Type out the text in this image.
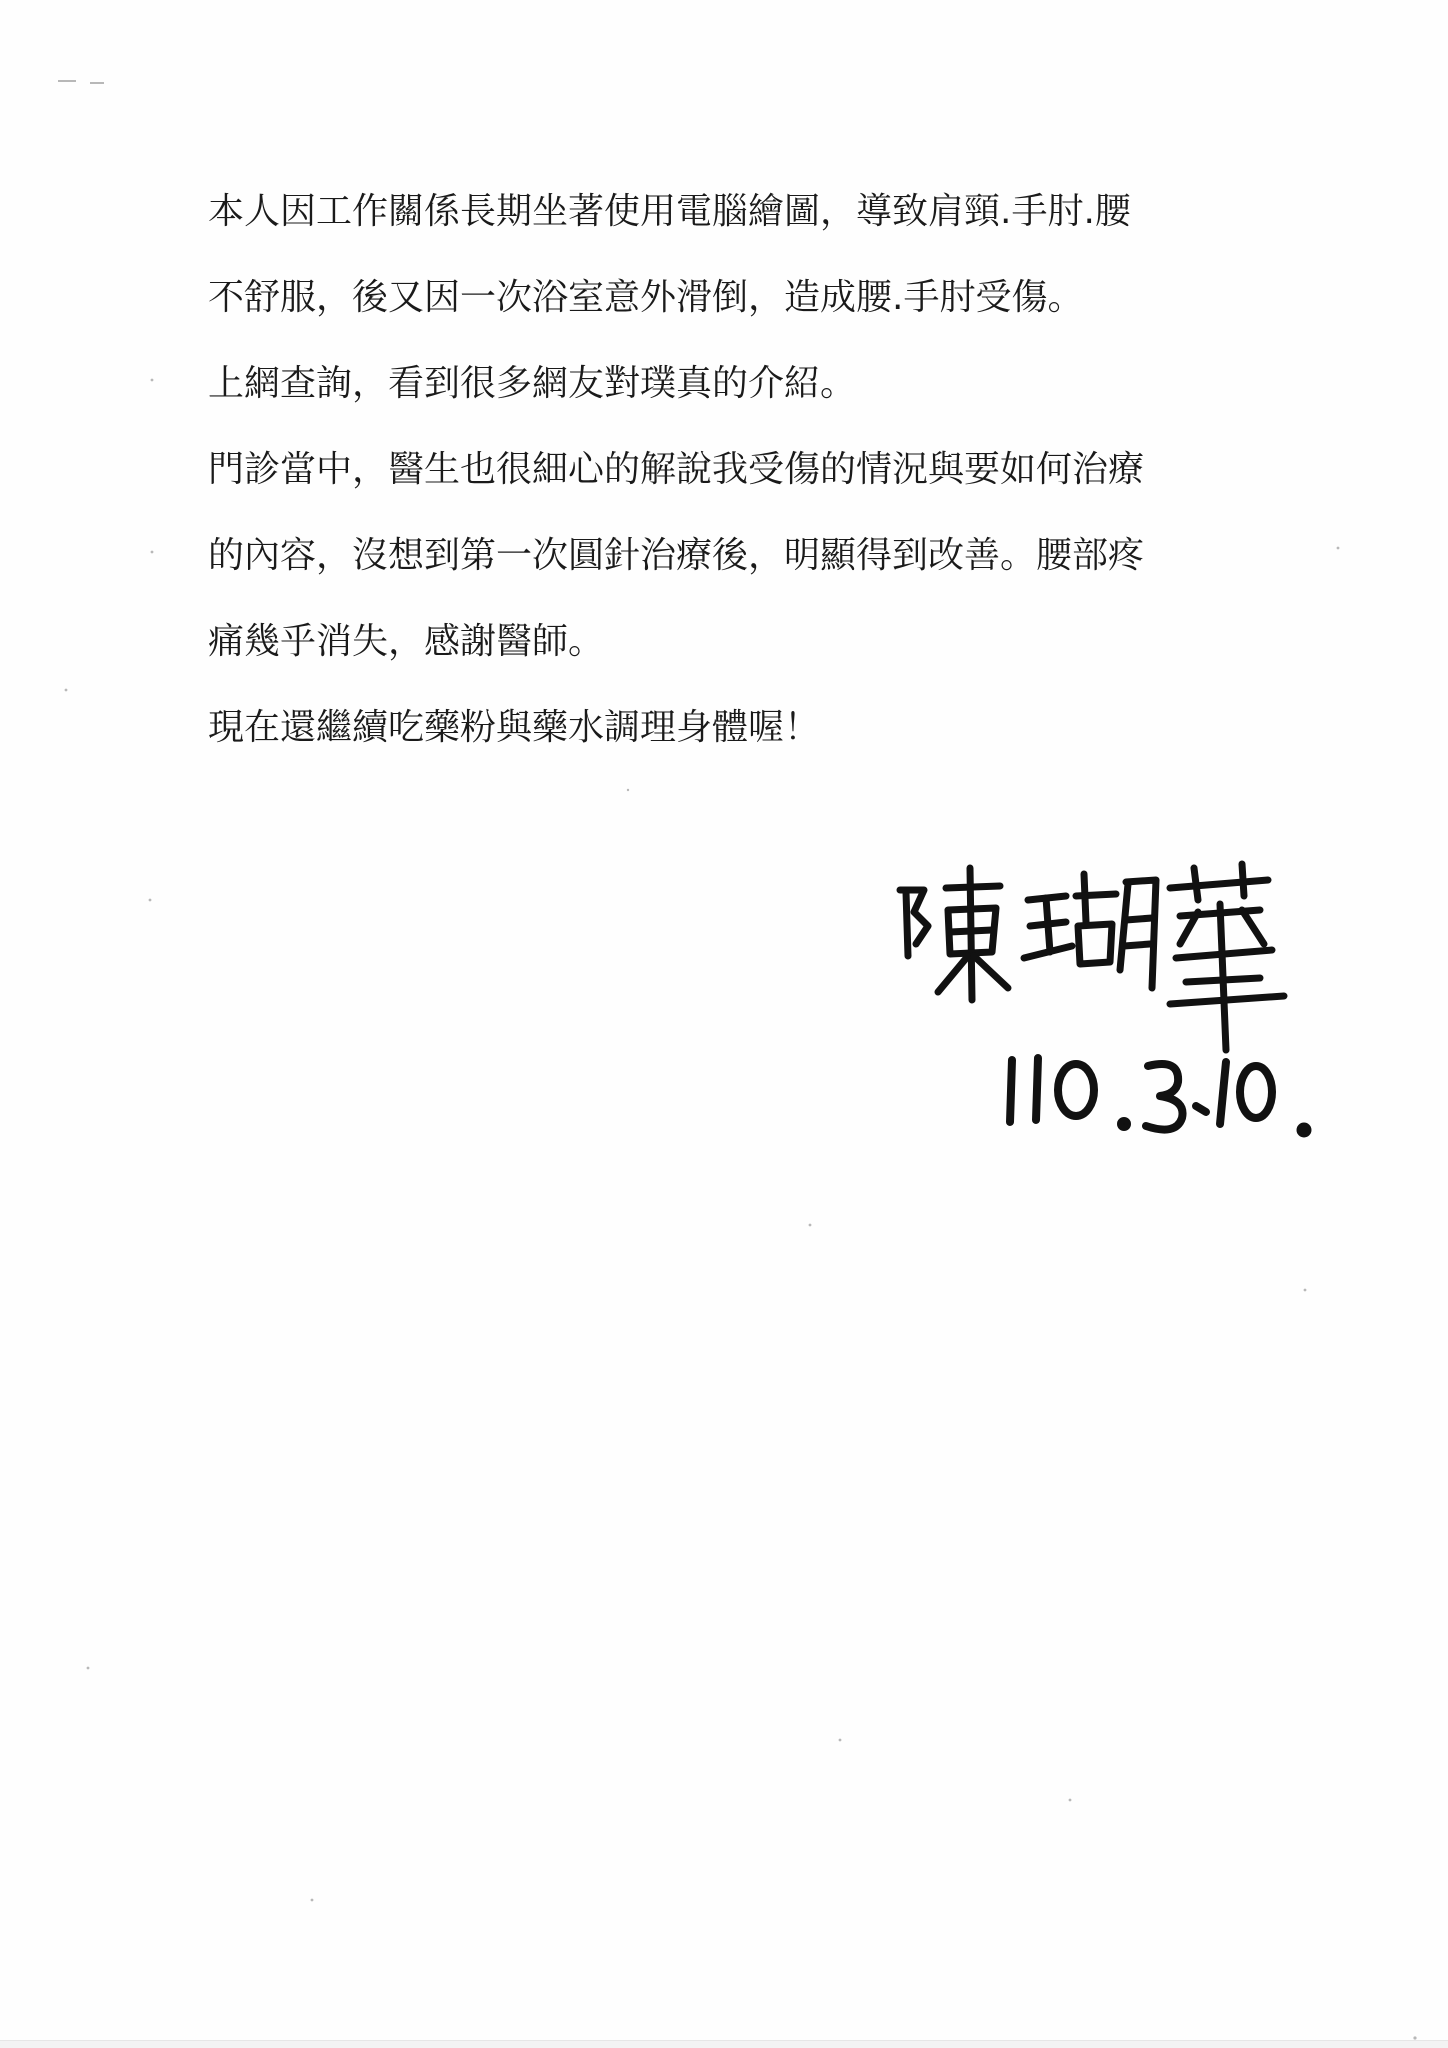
本人因工作關係長期坐著使用電腦繪圖，導致肩頸.手肘.腰
不舒服，後又因一次浴室意外滑倒，造成腰.手肘受傷。
上網查詢，看到很多網友對璞真的介紹。
門診當中，醫生也很細心的解說我受傷的情況與要如何治療
的內容，沒想到第一次圓針治療後，明顯得到改善。腰部疼
痛幾乎消失，感謝醫師。
現在還繼續吃藥粉與藥水調理身體喔！
